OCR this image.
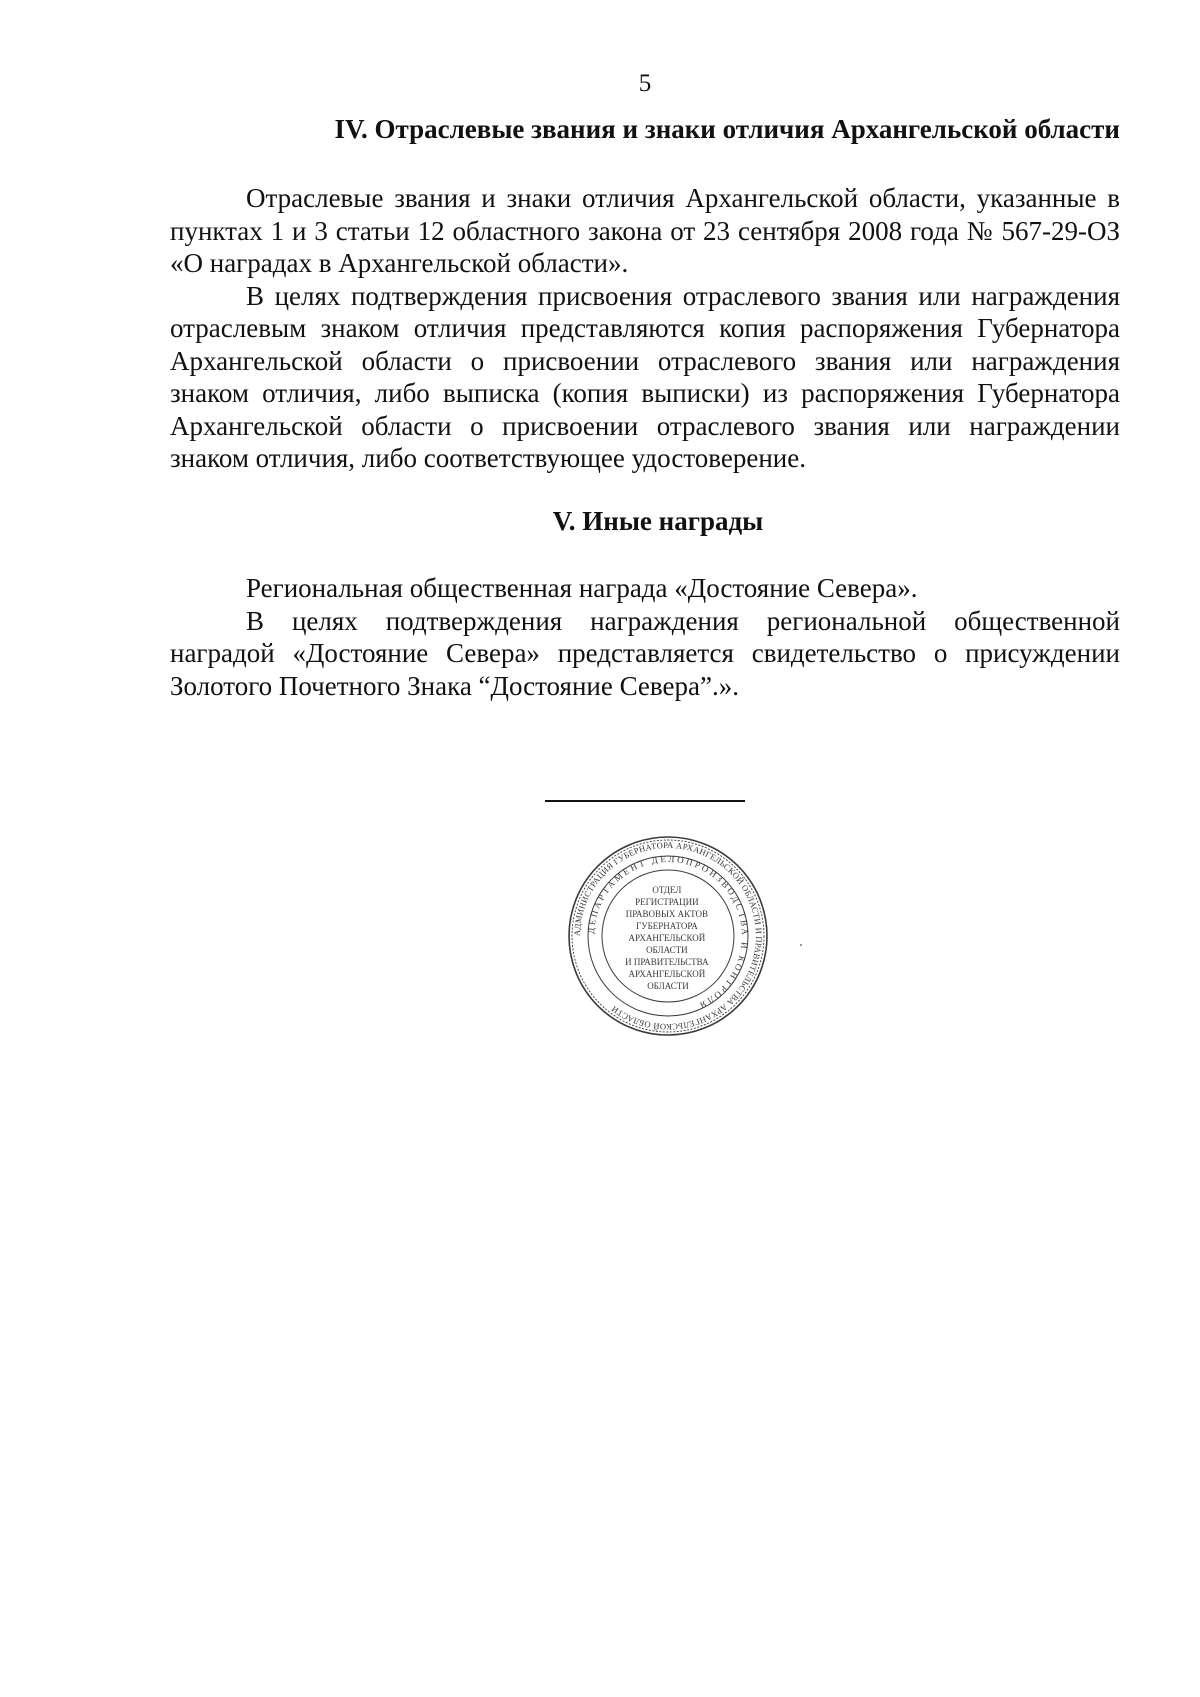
5
IV. Отраслевые звания и знаки отличия Архангельской области

Отраслевые звания и знаки отличия Архангельской области, указанные в пунктах 1 и 3 статьи 12 областного закона от 23 сентября 2008 года № 567-29-ОЗ «О наградах в Архангельской области».

В целях подтверждения присвоения отраслевого звания или награждения отраслевым знаком отличия представляются копия распоряжения Губернатора Архангельской области о присвоении отраслевого звания или награждения знаком отличия, либо выписка (копия выписки) из распоряжения Губернатора Архангельской области о присвоении отраслевого звания или награждении знаком отличия, либо соответствующее удостоверение.

V. Иные награды

Региональная общественная награда «Достояние Севера».

В целях подтверждения награждения региональной общественной наградой «Достояние Севера» представляется свидетельство о присуждении Золотого Почетного Знака “Достояние Севера”.».

АДМИНИСТРАЦИЯ ГУБЕРНАТОРА АРХАНГЕЛЬСКОЙ ОБЛАСТИ И ПРАВИТЕЛЬСТВА АРХАНГЕЛЬСКОЙ ОБЛАСТИ
ДЕПАРТАМЕНТ ДЕЛОПРОИЗВОДСТВА И КОНТРОЛЯ
ОТДЕЛ РЕГИСТРАЦИИ ПРАВОВЫХ АКТОВ ГУБЕРНАТОРА АРХАНГЕЛЬСКОЙ ОБЛАСТИ И ПРАВИТЕЛЬСТВА АРХАНГЕЛЬСКОЙ ОБЛАСТИ
